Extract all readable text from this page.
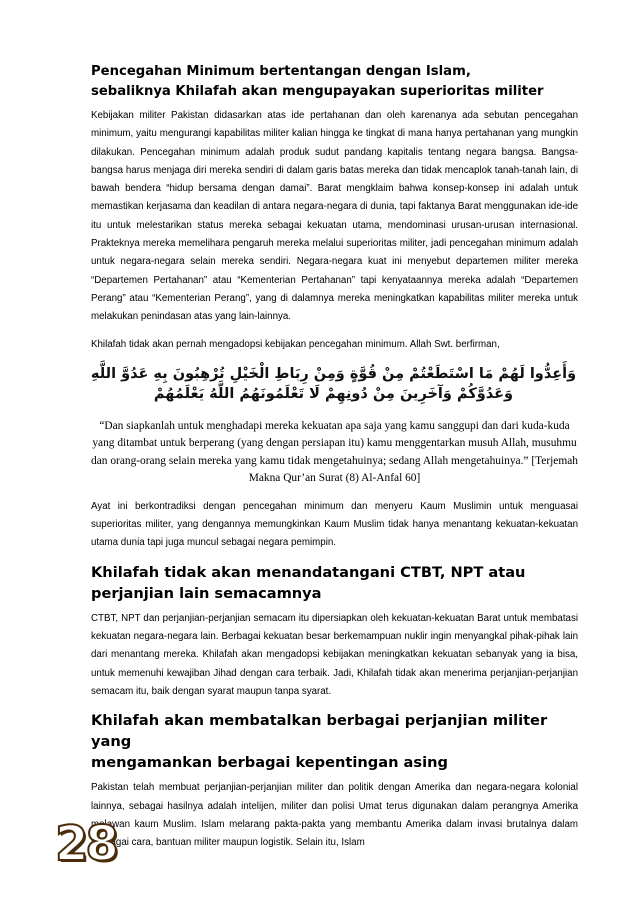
Pencegahan Minimum bertentangan dengan Islam,
sebaliknya Khilafah akan mengupayakan superioritas militer

Kebijakan militer Pakistan didasarkan atas ide pertahanan dan oleh karenanya ada sebutan pencegahan minimum, yaitu mengurangi kapabilitas militer kalian hingga ke tingkat di mana hanya pertahanan yang mungkin dilakukan. Pencegahan minimum adalah produk sudut pandang kapitalis tentang negara bangsa. Bangsa-bangsa harus menjaga diri mereka sendiri di dalam garis batas mereka dan tidak mencaplok tanah-tanah lain, di bawah bendera “hidup bersama dengan damai”. Barat mengklaim bahwa konsep-konsep ini adalah untuk memastikan kerjasama dan keadilan di antara negara-negara di dunia, tapi faktanya Barat menggunakan ide-ide itu untuk melestarikan status mereka sebagai kekuatan utama, mendominasi urusan-urusan internasional. Prakteknya mereka memelihara pengaruh mereka melalui superioritas militer, jadi pencegahan minimum adalah untuk negara-negara selain mereka sendiri. Negara-negara kuat ini menyebut departemen militer mereka “Departemen Pertahanan” atau “Kementerian Pertahanan” tapi kenyataannya mereka adalah “Departemen Perang” atau “Kementerian Perang”, yang di dalamnya mereka meningkatkan kapabilitas militer mereka untuk melakukan penindasan atas yang lain-lainnya.

Khilafah tidak akan pernah mengadopsi kebijakan pencegahan minimum. Allah Swt. berfirman,

وَأَعِدُّوا لَهُمْ مَا اسْتَطَعْتُمْ مِنْ قُوَّةٍ وَمِنْ رِبَاطِ الْخَيْلِ تُرْهِبُونَ بِهِ عَدُوَّ اللَّهِ وَعَدُوَّكُمْ وَآخَرِينَ مِنْ دُونِهِمْ لَا تَعْلَمُونَهُمُ اللَّهُ يَعْلَمُهُمْ

“Dan siapkanlah untuk menghadapi mereka kekuatan apa saja yang kamu sanggupi dan dari kuda-kuda yang ditambat untuk berperang (yang dengan persiapan itu) kamu menggentarkan musuh Allah, musuhmu dan orang-orang selain mereka yang kamu tidak mengetahuinya; sedang Allah mengetahuinya.” [Terjemah Makna Qur’an Surat (8) Al-Anfal 60]

Ayat ini berkontradiksi dengan pencegahan minimum dan menyeru Kaum Muslimin untuk menguasai superioritas militer, yang dengannya memungkinkan Kaum Muslim tidak hanya menantang kekuatan-kekuatan utama dunia tapi juga muncul sebagai negara pemimpin.

Khilafah tidak akan menandatangani CTBT, NPT atau
perjanjian lain semacamnya

CTBT, NPT dan perjanjian-perjanjian semacam itu dipersiapkan oleh kekuatan-kekuatan Barat untuk membatasi kekuatan negara-negara lain. Berbagai kekuatan besar berkemampuan nuklir ingin menyangkal pihak-pihak lain dari menantang mereka. Khilafah akan mengadopsi kebijakan meningkatkan kekuatan sebanyak yang ia bisa, untuk memenuhi kewajiban Jihad dengan cara terbaik. Jadi, Khilafah tidak akan menerima perjanjian-perjanjian semacam itu, baik dengan syarat maupun tanpa syarat.

Khilafah akan membatalkan berbagai perjanjian militer yang
mengamankan berbagai kepentingan asing

Pakistan telah membuat perjanjian-perjanjian militer dan politik dengan Amerika dan negara-negara kolonial lainnya, sebagai hasilnya adalah intelijen, militer dan polisi Umat terus digunakan dalam perangnya Amerika melawan kaum Muslim. Islam melarang pakta-pakta yang membantu Amerika dalam invasi brutalnya dalam berbagai cara, bantuan militer maupun logistik. Selain itu, Islam

28
